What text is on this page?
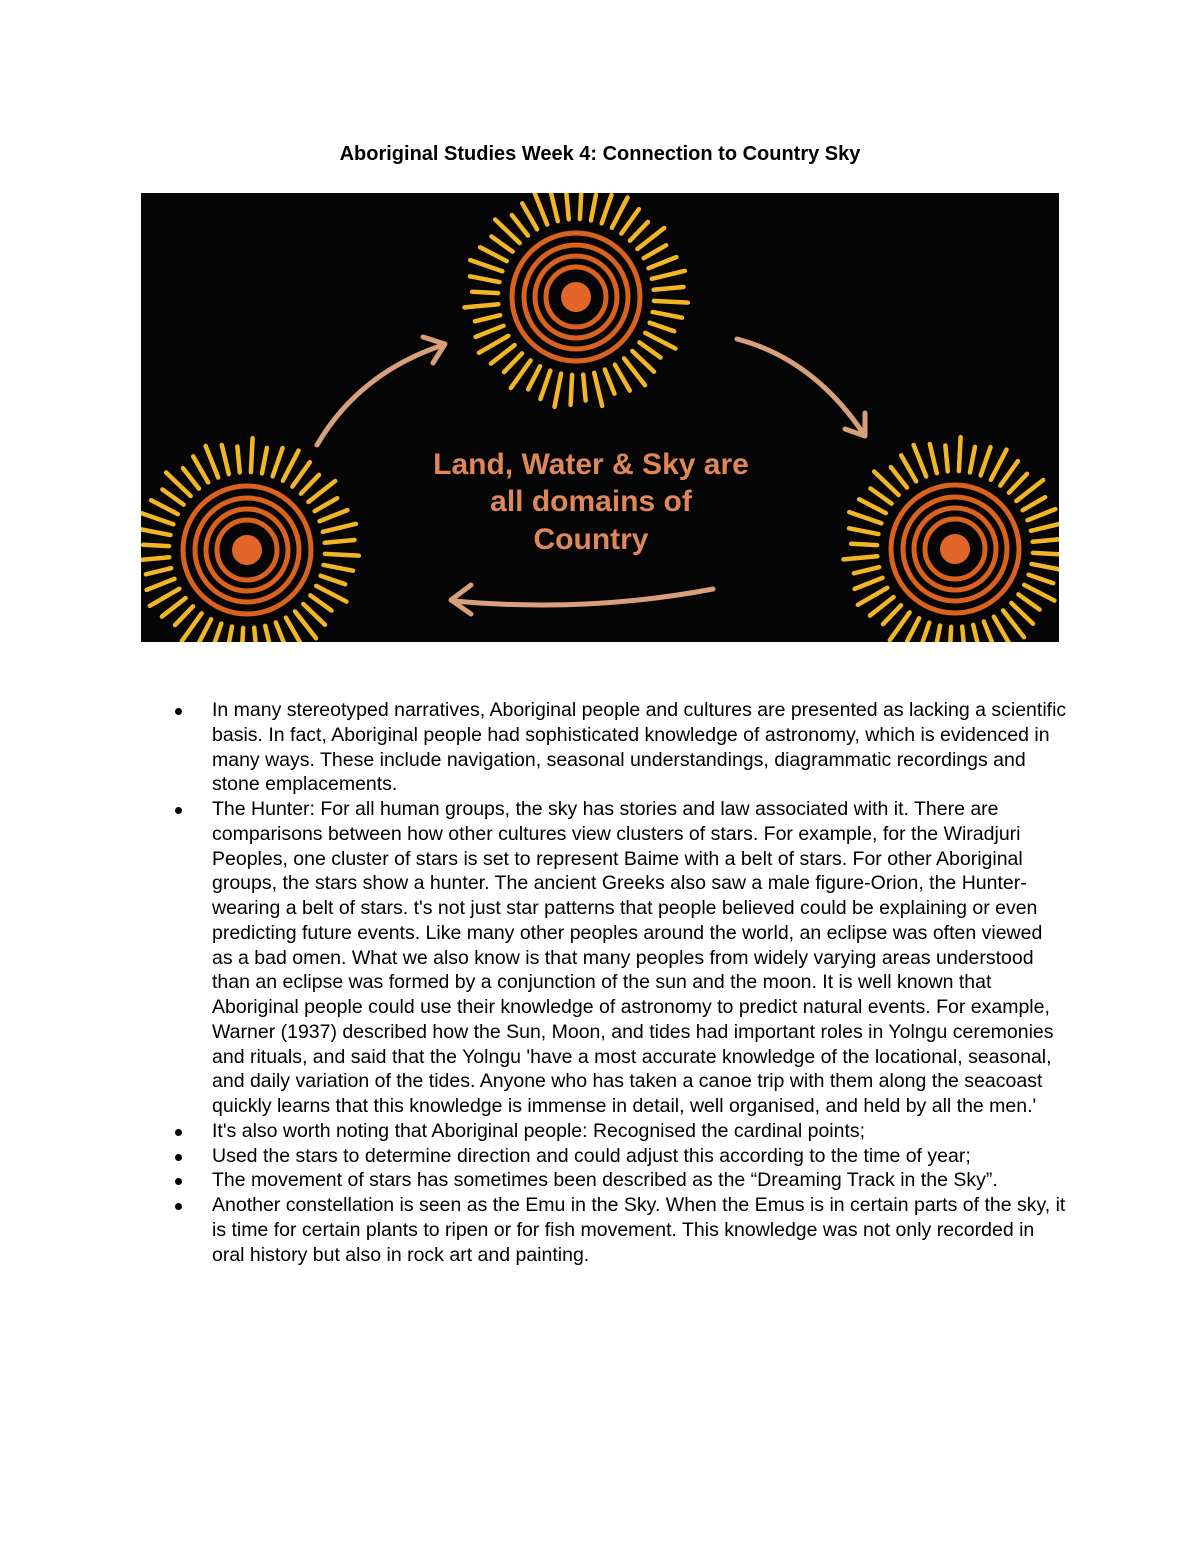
Aboriginal Studies Week 4: Connection to Country Sky
Land, Water & Sky are
all domains of
Country
In many stereotyped narratives, Aboriginal people and cultures are presented as lacking a scientific basis. In fact, Aboriginal people had sophisticated knowledge of astronomy, which is evidenced in many ways. These include navigation, seasonal understandings, diagrammatic recordings and stone emplacements.
The Hunter: For all human groups, the sky has stories and law associated with it. There are comparisons between how other cultures view clusters of stars. For example, for the Wiradjuri Peoples, one cluster of stars is set to represent Baime with a belt of stars. For other Aboriginal groups, the stars show a hunter. The ancient Greeks also saw a male figure-Orion, the Hunter- wearing a belt of stars. t's not just star patterns that people believed could be explaining or even predicting future events. Like many other peoples around the world, an eclipse was often viewed as a bad omen. What we also know is that many peoples from widely varying areas understood than an eclipse was formed by a conjunction of the sun and the moon. It is well known that Aboriginal people could use their knowledge of astronomy to predict natural events. For example, Warner (1937) described how the Sun, Moon, and tides had important roles in Yolngu ceremonies and rituals, and said that the Yolngu 'have a most accurate knowledge of the locational, seasonal, and daily variation of the tides. Anyone who has taken a canoe trip with them along the seacoast quickly learns that this knowledge is immense in detail, well organised, and held by all the men.'
It's also worth noting that Aboriginal people: Recognised the cardinal points;
Used the stars to determine direction and could adjust this according to the time of year;
The movement of stars has sometimes been described as the “Dreaming Track in the Sky”.
Another constellation is seen as the Emu in the Sky. When the Emus is in certain parts of the sky, it is time for certain plants to ripen or for fish movement. This knowledge was not only recorded in oral history but also in rock art and painting.
